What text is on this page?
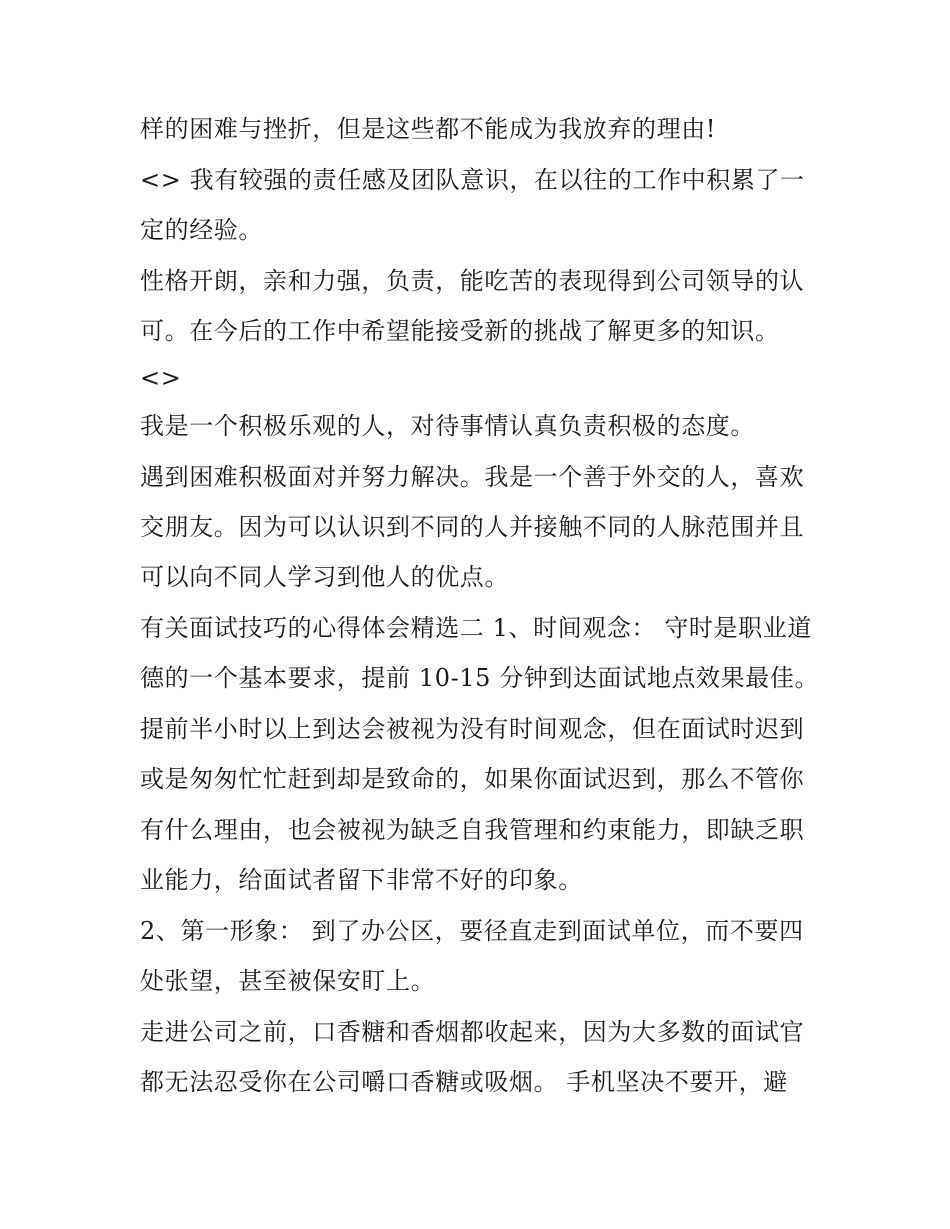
样的困难与挫折，但是这些都不能成为我放弃的理由!
<> 我有较强的责任感及团队意识，在以往的工作中积累了一
定的经验。
性格开朗，亲和力强，负责，能吃苦的表现得到公司领导的认
可。在今后的工作中希望能接受新的挑战了解更多的知识。
<>
我是一个积极乐观的人，对待事情认真负责积极的态度。
遇到困难积极面对并努力解决。我是一个善于外交的人，喜欢
交朋友。因为可以认识到不同的人并接触不同的人脉范围并且
可以向不同人学习到他人的优点。
有关面试技巧的心得体会精选二 1、时间观念： 守时是职业道
德的一个基本要求，提前 10-15 分钟到达面试地点效果最佳。
提前半小时以上到达会被视为没有时间观念，但在面试时迟到
或是匆匆忙忙赶到却是致命的，如果你面试迟到，那么不管你
有什么理由，也会被视为缺乏自我管理和约束能力，即缺乏职
业能力，给面试者留下非常不好的印象。
2、第一形象： 到了办公区，要径直走到面试单位，而不要四
处张望，甚至被保安盯上。
走进公司之前，口香糖和香烟都收起来，因为大多数的面试官
都无法忍受你在公司嚼口香糖或吸烟。 手机坚决不要开，避
